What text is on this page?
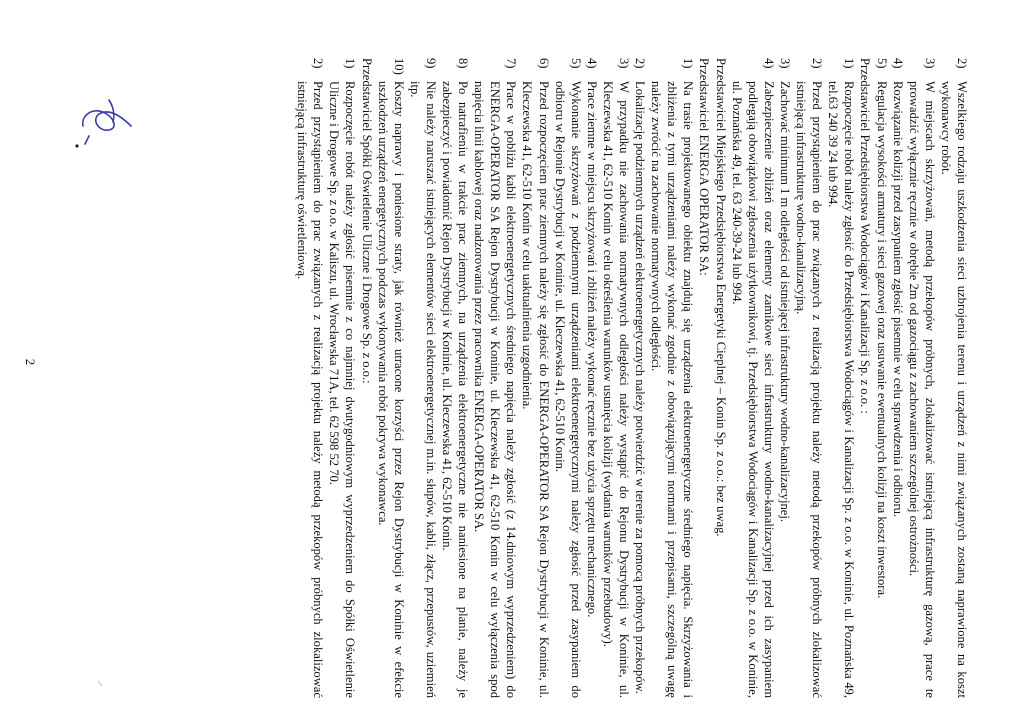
2)
Wszelkiego rodzaju uszkodzenia sieci uzbrojenia terenu i urządzeń z nimi związanych zostaną naprawione na koszt wykonawcy robót.
3)
W miejscach skrzyżowań, metodą przekopów próbnych, zlokalizować istniejącą infrastrukturę gazową, prace te prowadzić wyłącznie ręcznie w obrębie 2m od gazociągu z zachowaniem szczególnej ostrożności.
4)
Rozwiązanie kolizji przed zasypaniem zgłosić pisemnie w celu sprawdzenia i odbioru.
5)
Regulacja wysokości armatury i sieci gazowej oraz usuwanie ewentualnych kolizji na koszt inwestora.
Przedstawiciel Przedsiębiorstwa Wodociągów i Kanalizacji Sp. z o.o. :
1)
Rozpoczęcie robót należy zgłosić do Przedsiębiorstwa Wodociągów i Kanalizacji Sp. z o.o. w Koninie, ul. Poznańska 49, tel.63 240 39 24 lub 994.
2)
Przed przystąpieniem do prac związanych z realizacją projektu należy metodą przekopów próbnych zlokalizować istniejącą infrastrukturę wodno-kanalizacyjną.
3)
Zachować minimum 1 m odległości od istniejącej infrastruktury wodno-kanalizacyjnej.
4)
Zabezpieczenie zbliżeń oraz elementy zamikowe sieci infrastruktury wodno-kanalizacyjnej przed ich zasypaniem podlegają obowiązkowi zgłoszenia użytkownikowi, tj. Przedsiębiorstwa Wodociągów i Kanalizacji Sp. z o.o. w Koninie, ul. Poznańska 49, tel. 63 240-39-24 lub 994.
Przedstawiciel Miejskiego Przedsiębiorstwa Energetyki Cieplnej – Konin Sp. z o.o.: bez uwag.
Przedstawiciel ENERGA OPERATOR SA:
1)
Na trasie projektowanego obiektu znajdują się urządzenia elektroenergetyczne średniego napięcia. Skrzyżowania i zbliżenia z tymi urządzeniami należy wykonać zgodnie z obowiązującymi normami i przepisami, szczególną uwagę należy zwrócić na zachowanie normatywnych odległości.
2)
Lokalizację podziemnych urządzeń elektroenergetycznych należy potwierdzić w terenie za pomocą próbnych przekopów.
3)
W przypadku nie zachowania normatywnych odległości należy wystąpić do Rejonu Dystrybucji w Koninie, ul. Kleczewska 41, 62-510 Konin w celu określenia warunków usunięcia kolizji (wydania warunków przebudowy).
4)
Prace ziemne w miejscu skrzyżowań i zbliżeń należy wykonać ręcznie bez użycia sprzętu mechanicznego.
5)
Wykonanie skrzyżowań z podziemnymi urządzeniami elektroenergetycznymi należy zgłosić przed zasypaniem do odbioru w Rejonie Dystrybucji w Koninie, ul. Kleczewska 41, 62-510 Konin.
6)
Przed rozpoczęciem prac ziemnych należy się zgłosić do ENERGA-OPERATOR SA Rejon Dystrybucji w Koninie, ul. Kleczewska 41, 62-510 Konin w celu uaktualnienia uzgodnienia.
7)
Prace w pobliżu kabli elektroenergetycznych średniego napięcia należy zgłosić (z 14.dniowym wyprzedzeniem) do ENERGA-OPERATOR SA Rejon Dystrybucji w Koninie, ul. Kleczewska 41, 62-510 Konin w celu wyłączenia spod napięcia linii kablowej oraz nadzorowania przez pracownika ENERGA-OPERATOR SA.
8)
Po natrafieniu w trakcie prac ziemnych, na urządzenia elektroenergetyczne nie naniesione na planie, należy je zabezpieczyć i powiadomić Rejon Dystrybucji w Koninie, ul. Kleczewska 41, 62-510 Konin.
9)
Nie należy naruszać istniejących elementów sieci elektroenergetycznej m.in. słupów, kabli, złącz, przepustów, uziemień itp.
10)
Koszty naprawy i poniesione straty, jak również utracone korzyści przez Rejon Dystrybucji w Koninie w efekcie uszkodzeń urządzeń energetycznych podczas wykonywania robót pokrywa wykonawca.
Przedstawiciel Spółki Oświetlenie Uliczne i Drogowe Sp. z o.o.:
1)
Rozpoczęcie robót należy zgłosić pisemnie z co najmniej dwutygodniowym wyprzedzeniem do Spółki Oświetlenie Uliczne i Drogowe Sp. z o.o. w Kaliszu, ul. Wrocławska 71A, tel. 62 598 52 70.
2)
Przed przystąpieniem do prac związanych z realizacją projektu należy metodą przekopów próbnych zlokalizować istniejącą infrastrukturę oświetleniową.
2
